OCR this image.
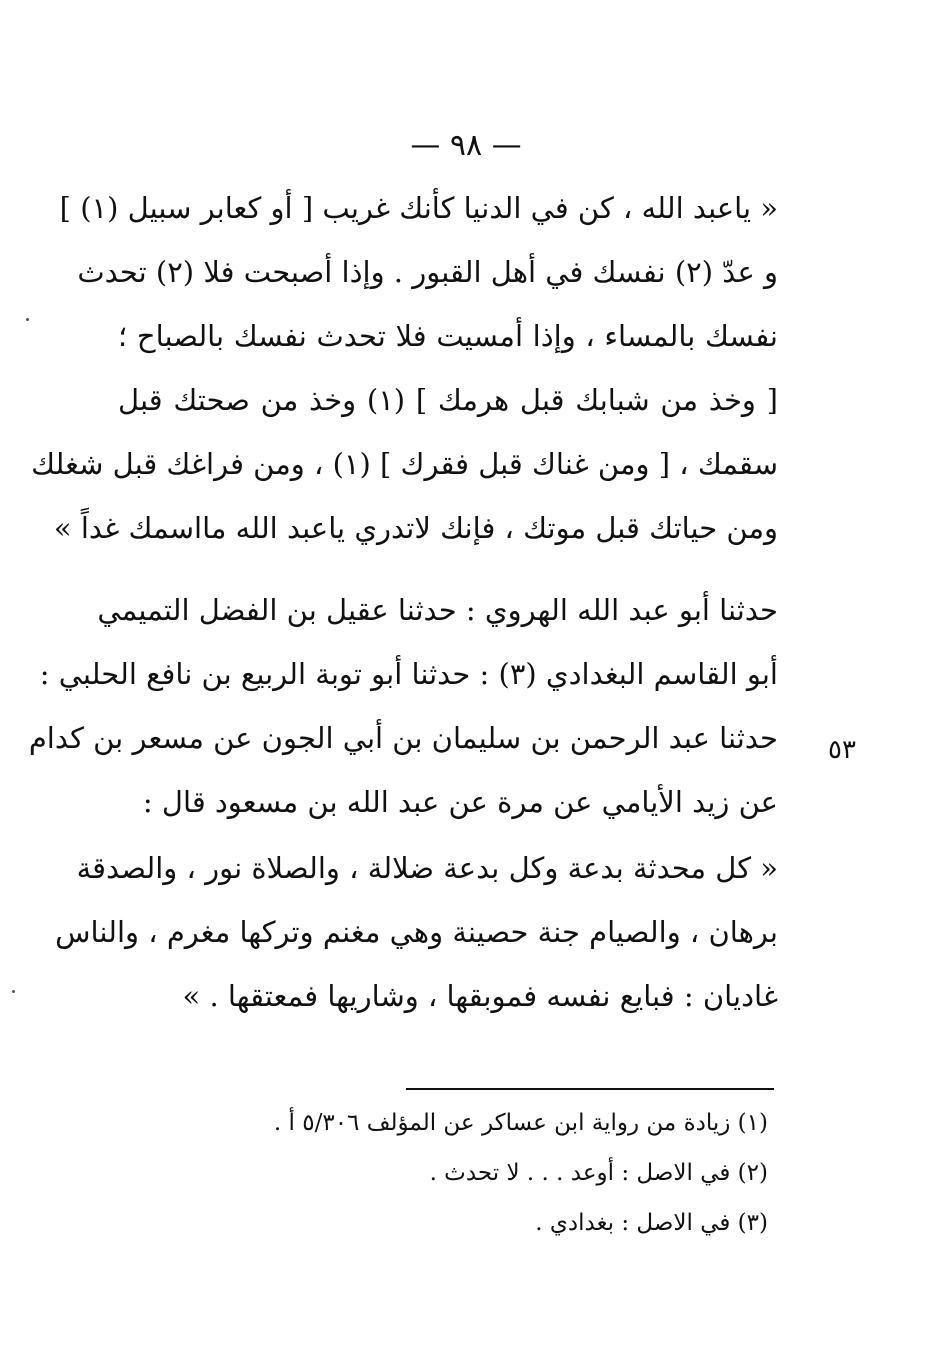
— ٩٨ —
« ياعبد الله ، كن في الدنيا كأنك غريب [ أو كعابر سبيل (١) ]
و عدّ (٢) نفسك في أهل القبور . وإذا أصبحت فلا (٢) تحدث
نفسك بالمساء ، وإذا أمسيت فلا تحدث نفسك بالصباح ؛
[ وخذ من شبابك قبل هرمك ] (١) وخذ من صحتك قبل
سقمك ، [ ومن غناك قبل فقرك ] (١) ، ومن فراغك قبل شغلك
ومن حياتك قبل موتك ، فإنك لاتدري ياعبد الله مااسمك غداً »
حدثنا أبو عبد الله الهروي : حدثنا عقيل بن الفضل التميمي
أبو القاسم البغدادي (٣) : حدثنا أبو توبة الربيع بن نافع الحلبي :
حدثنا عبد الرحمن بن سليمان بن أبي الجون عن مسعر بن كدام
عن زيد الأيامي عن مرة عن عبد الله بن مسعود قال :
٥٣
« كل محدثة بدعة وكل بدعة ضلالة ، والصلاة نور ، والصدقة
برهان ، والصيام جنة حصينة وهي مغنم وتركها مغرم ، والناس
غاديان : فبايع نفسه فموبقها ، وشاريها فمعتقها . »
(١) زيادة من رواية ابن عساكر عن المؤلف ٥/٣٠٦ أ .
(٢) في الاصل : أوعد . . . لا تحدث .
(٣) في الاصل : بغدادي .
